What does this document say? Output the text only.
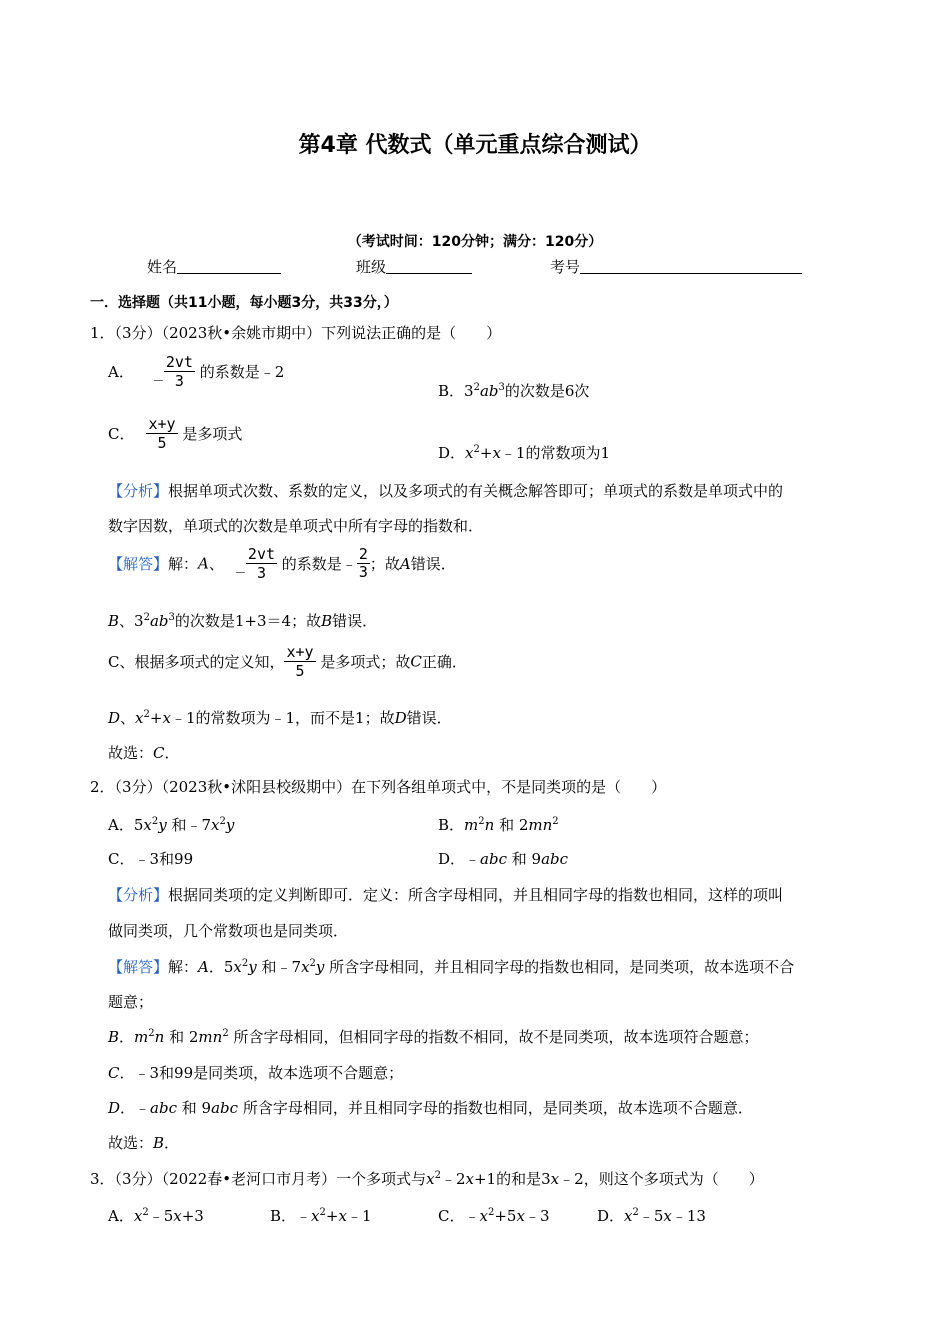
第4章 代数式（单元重点综合测试）
（考试时间：120分钟；满分：120分）
姓名	班级	考号
一．选择题（共11小题，每小题3分，共33分，）
1．（3分）（2023秋•余姚市期中）下列说法正确的是（　　）
A． _ $\frac{2vt}{3}$ 的系数是﹣2
B．$3^2ab^3$的次数是6次
C． $\frac{x+y}{5}$ 是多项式
D．$x^2+x﹣1$的常数项为1
【分析】根据单项式次数、系数的定义，以及多项式的有关概念解答即可；单项式的系数是单项式中的
数字因数，单项式的次数是单项式中所有字母的指数和．
【解答】解：A、 _ $\frac{2vt}{3}$ 的系数是﹣ $\frac{2}{3}$ ；故A错误．
B、$3^2ab^3$的次数是1+3＝4；故B错误．
C、根据多项式的定义知， $\frac{x+y}{5}$ 是多项式；故C正确．
D、$x^2+x﹣1$的常数项为﹣1，而不是1；故D错误．
故选：C．
2．（3分）（2023秋•沭阳县校级期中）在下列各组单项式中，不是同类项的是（　　）
A．$5x^2y$ 和$﹣7x^2y$	B．$m^2n$ 和 $2mn^2$
C．﹣3和99	D．﹣abc 和 9abc
【分析】根据同类项的定义判断即可．定义：所含字母相同，并且相同字母的指数也相同，这样的项叫
做同类项，几个常数项也是同类项．
【解答】解：A．$5x^2y$ 和$﹣7x^2y$ 所含字母相同，并且相同字母的指数也相同，是同类项，故本选项不合
题意；
B．$m^2n$ 和 $2mn^2$ 所含字母相同，但相同字母的指数不相同，故不是同类项，故本选项符合题意；
C．﹣3和99是同类项，故本选项不合题意；
D．﹣abc 和 9abc 所含字母相同，并且相同字母的指数也相同，是同类项，故本选项不合题意．
故选：B．
3．（3分）（2022春•老河口市月考）一个多项式与$x^2﹣2x+1$的和是3x﹣2，则这个多项式为（　　）
A．$x^2﹣5x+3$	B．$﹣x^2+x﹣1$	C．$﹣x^2+5x﹣3$	D．$x^2﹣5x﹣13$
